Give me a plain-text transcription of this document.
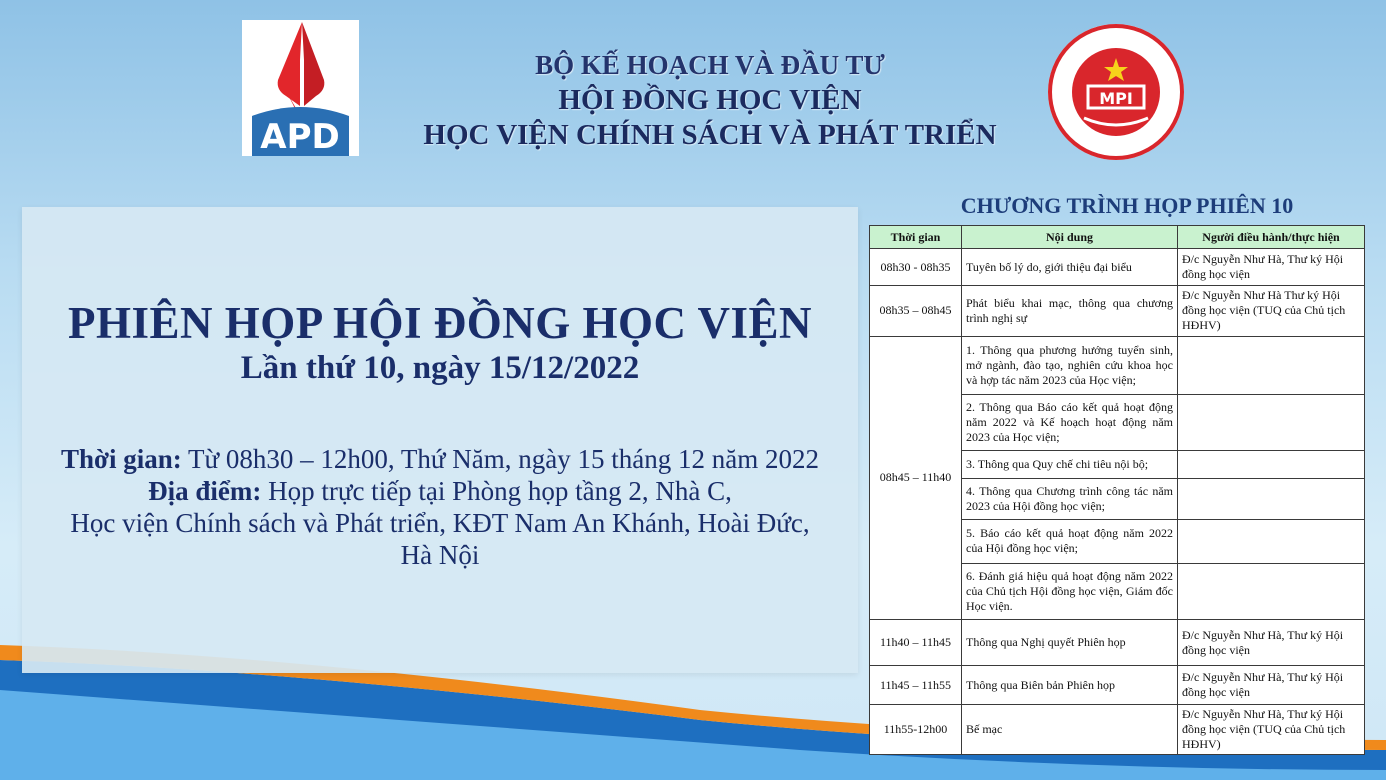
APD
BỘ KẾ HOẠCH VÀ ĐẦU TƯ
HỘI ĐỒNG HỌC VIỆN
HỌC VIỆN CHÍNH SÁCH VÀ PHÁT TRIỂN
MPI
PHIÊN HỌP HỘI ĐỒNG HỌC VIỆN
Lần thứ 10, ngày 15/12/2022
Thời gian: Từ 08h30 – 12h00, Thứ Năm, ngày 15 tháng 12 năm 2022
Địa điểm: Họp trực tiếp tại Phòng họp tầng 2, Nhà C,
Học viện Chính sách và Phát triển, KĐT Nam An Khánh, Hoài Đức,
Hà Nội
CHƯƠNG TRÌNH HỌP PHIÊN 10
Thời gian	Nội dung	Người điều hành/thực hiện
08h30 - 08h35	Tuyên bố lý do, giới thiệu đại biểu	Đ/c Nguyễn Như Hà, Thư ký Hội đồng học viện
08h35 – 08h45	Phát biểu khai mạc, thông qua chương trình nghị sự	Đ/c Nguyễn Như Hà Thư ký Hội đồng học viện (TUQ của Chủ tịch HĐHV)
08h45 – 11h40	1. Thông qua phương hướng tuyển sinh, mở ngành, đào tạo, nghiên cứu khoa học và hợp tác năm 2023 của Học viện;	
	2. Thông qua Báo cáo kết quả hoạt động năm 2022 và Kế hoạch hoạt động năm 2023 của Học viện;	
	3. Thông qua Quy chế chi tiêu nội bộ;	
	4. Thông qua Chương trình công tác năm 2023 của Hội đồng học viện;	
	5. Báo cáo kết quả hoạt động năm 2022 của Hội đồng học viện;	
	6. Đánh giá hiệu quả hoạt động năm 2022 của Chủ tịch Hội đồng học viện, Giám đốc Học viện.	
11h40 – 11h45	Thông qua Nghị quyết Phiên họp	Đ/c Nguyễn Như Hà, Thư ký Hội đồng học viện
11h45 – 11h55	Thông qua Biên bản Phiên họp	Đ/c Nguyễn Như Hà, Thư ký Hội đồng học viện
11h55-12h00	Bế mạc	Đ/c Nguyễn Như Hà, Thư ký Hội đồng học viện (TUQ của Chủ tịch HĐHV)
